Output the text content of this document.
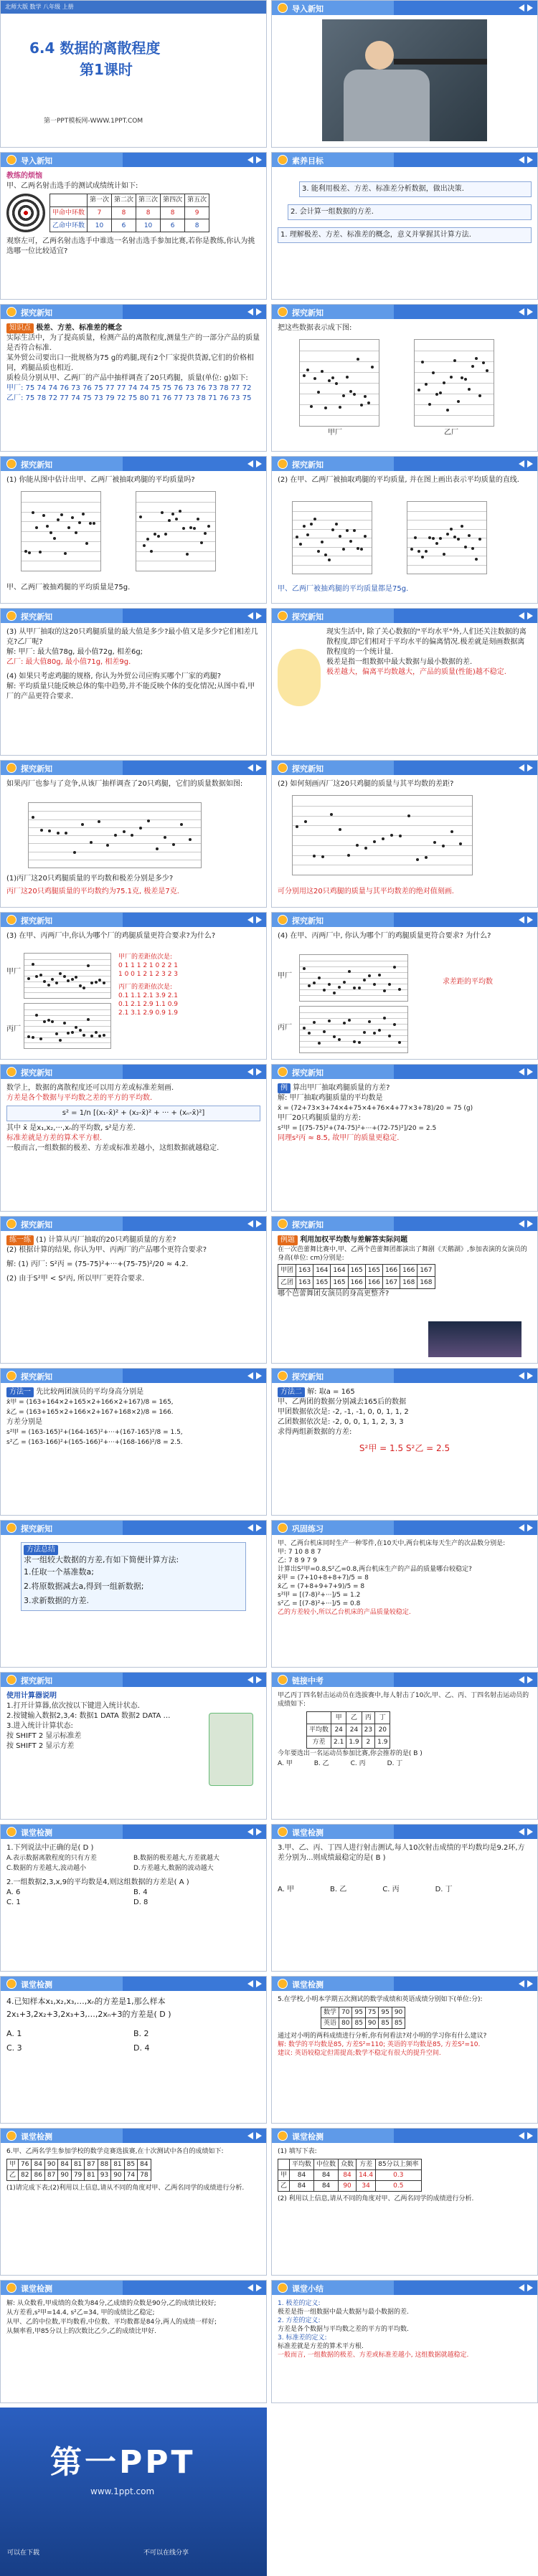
北师大版 数学 八年级 上册
6.4 数据的离散程度
第1课时
第一PPT模板网-WWW.1PPT.COM
导入新知
导入新知
教练的烦恼
甲、乙两名射击选手的测试成绩统计如下:
	第一次	第二次	第三次	第四次	第五次
甲命中环数	7	8	8	8	9
乙命中环数	10	6	10	6	8
观察左可，乙两名射击选手中谁选一名射击选手参加比赛,若你是教练,你认为挑选哪一位比较适宜?
素养目标
3. 能利用极差、方差、标准差分析数据，做出决策.
2. 会计算一组数据的方差.
1. 理解极差、方差、标准差的概念，意义并掌握其计算方法.
探究新知
知识点 极差、方差、标准差的概念
实际生活中，为了提高质量，检测产品的离散程度,测量生产的一部分产品的质量是否符合标准.
某外贸公司要出口一批规格为75 g的鸡腿,现有2个厂家提供货源,它们的价格相同，鸡腿品质也相近.
质检员分别从甲、乙两厂的产品中抽样调查了20只鸡腿，质量(单位: g)如下:
甲厂: 75 74 74 76 73 76 75 77 77 74 74 75 75 76 73 76 73 78 77 72
乙厂: 75 78 72 77 74 75 73 79 72 75 80 71 76 77 73 78 71 76 73 75
探究新知
把这些数据表示成下图:
甲厂	乙厂
探究新知
(1) 你能从图中估计出甲、乙两厂被抽取鸡腿的平均质量吗?
甲、乙两厂被抽鸡腿的平均质量是75g.
探究新知
(2) 在甲、乙两厂被抽取鸡腿的平均质量, 并在图上画出表示平均质量的直线.
甲、乙两厂被抽鸡腿的平均质量都是75g.
探究新知
(3) 从甲厂抽取的这20只鸡腿质量的最大值是多少?最小值又是多少?它们相差几克?乙厂呢?
解: 甲厂: 最大值78g, 最小值72g, 相差6g;
乙厂: 最大值80g, 最小值71g, 相差9g.
(4) 如果只考虑鸡腿的规格, 你认为外贸公司应购买哪个厂家的鸡腿?
解: 平均质量只能反映总体的集中趋势,并不能反映个体的变化情况;从图中看,甲厂的产品更符合要求.
探究新知
现实生活中, 除了关心数据的"平均水平"外,人们还关注数据的离散程度,即它们相对于平均水平的偏离情况.极差就是刻画数据离散程度的一个统计量.
极差是指一组数据中最大数据与最小数据的差.
极差越大，偏离平均数越大，产品的质量(性能)越不稳定.
探究新知
如果丙厂也参与了竞争,从该厂抽样调查了20只鸡腿，它们的质量数据如图:
(1)丙厂这20只鸡腿质量的平均数和极差分别是多少?
丙厂这20只鸡腿质量的平均数约为75.1克, 极差是7克.
探究新知
(2) 如何刻画丙厂这20只鸡腿的质量与其平均数的差距?
可分别用这20只鸡腿的质量与其平均数差的绝对值刻画.
探究新知
(3) 在甲、丙两厂中,你认为哪个厂的鸡腿质量更符合要求?为什么?
甲厂
丙厂
甲厂的差距依次是:
0 1 1 1 2 1 0 2 2 1
1 0 0 1 2 1 2 3 2 3
丙厂的差距依次是:
0.1 1.1 2.1 3.9 2.1
0.1 2.1 2.9 1.1 0.9
2.1 3.1 2.9 0.9 1.9
探究新知
(4) 在甲、丙两厂中, 你认为哪个厂的鸡腿质量更符合要求? 为什么?
甲厂
丙厂
求差距的平均数
探究新知
数学上，数据的离散程度还可以用方差或标准差刻画.
方差是各个数据与平均数之差的平方的平均数.
s² = 1/n [(x₁-x̄)² + (x₂-x̄)² + ··· + (xₙ-x̄)²]
其中 x̄ 是x₁,x₂,···,xₙ的平均数, s²是方差.
标准差就是方差的算术平方根.
一般而言,一组数据的极差、方差或标准差越小，这组数据就越稳定.
探究新知
例 算出甲厂抽取鸡腿质量的方差?
解: 甲厂抽取鸡腿质量的平均数是
x̄ = (72+73×3+74×4+75×4+76×4+77×3+78)/20 = 75 (g)
甲厂20只鸡腿质量的方差:
s²甲 = [(75-75)²+(74-75)²+···+(72-75)²]/20 = 2.5
同理s²丙 ≈ 8.5, 故甲厂的质量更稳定.
探究新知
练一练 (1) 计算从丙厂抽取的20只鸡腿质量的方差?
(2) 根据计算的结果, 你认为甲、丙两厂的产品哪个更符合要求?
解: (1) 丙厂: S²丙 = (75-75)²+···+(75-75)²/20 ≈ 4.2.
(2) 由于S²甲 < S²丙, 所以甲厂更符合要求.
探究新知
例题 利用加权平均数与差解答实际问题
在一次芭蕾舞比赛中,甲、乙两个芭蕾舞团都演出了舞剧《天鹅湖》,参加表演的女演员的身高(单位: cm)分别是:
甲团	163	164	164	165	165	166	166	167
乙团	163	165	165	166	166	167	168	168
哪个芭蕾舞团女演员的身高更整齐?
探究新知
方法一 先比较两团演员的平均身高分别是
x̄甲 = (163+164×2+165×2+166×2+167)/8 = 165,
x̄乙 = (163+165×2+166×2+167+168×2)/8 = 166.
方差分别是
s²甲 = (163-165)²+(164-165)²+···+(167-165)²/8 = 1.5,
s²乙 = (163-166)²+(165-166)²+···+(168-166)²/8 = 2.5.
探究新知
方法二 解: 取a = 165
甲、乙两团的数据分别减去165后的数据
甲团数据依次是: -2, -1, -1, 0, 0, 1, 1, 2
乙团数据依次是: -2, 0, 0, 1, 1, 2, 3, 3
求得两组新数据的方差:
S²甲 = 1.5 S²乙 = 2.5
探究新知
方法总结
求一组较大数据的方差,有如下简便计算方法:
1.任取一个基准数a;
2.将原数据减去a,得到一组新数据;
3.求新数据的方差.
巩固练习
甲、乙两台机床同时生产一种零件,在10天中,两台机床每天生产的次品数分别是:
甲: 7 10 8 8 7
乙: 7 8 9 7 9
计算出S²甲=0.8,S²乙=0.8,两台机床生产的产品的质量哪台较稳定?
x̄甲 = (7+10+8+8+7)/5 = 8
x̄乙 = (7+8+9+7+9)/5 = 8
s²甲 = [(7-8)²+···]/5 = 1.2
s²乙 = [(7-8)²+···]/5 = 0.8
乙的方差较小,所以乙台机床的产品质量较稳定.
探究新知
使用计算器说明
1.打开计算器,依次按以下键进入统计状态.
2.按键输入数据2,3,4: 数据1 DATA 数据2 DATA …
3.进入统计计算状态:
按 SHIFT 2 显示标准差
按 SHIFT 2 显示方差
链接中考
甲乙丙丁四名射击运动员在选拔赛中,每人射击了10次,甲、乙、丙、丁四名射击运动员的成绩如下:
	甲	乙	丙	丁
平均数	24	24	23	20
方差	2.1	1.9	2	1.9
今年要选出一名运动员参加比赛,你会推荐的是( B )
A. 甲	B. 乙	C. 丙	D. 丁
课堂检测
1.下列说法中正确的是( D )
A.表示数据离散程度的只有方差	B.数据的极差越大,方差就越大
C.数据的方差越大,波动越小	D.方差越大,数据的波动越大
2.一组数据2,3,x,9的平均数是4,则这组数据的方差是( A )
A. 6	B. 4
C. 1	D. 8
课堂检测
3.甲、乙、丙、丁四人进行射击测试,每人10次射击成绩的平均数均是9.2环,方差分别为...则成绩最稳定的是( B )
A. 甲	B. 乙	C. 丙	D. 丁
课堂检测
4.已知样本x₁,x₂,x₃,…,xₙ的方差是1,那么样本2x₁+3,2x₂+3,2x₃+3,…,2xₙ+3的方差是( D )
A. 1	B. 2
C. 3	D. 4
课堂检测
5.在学校,小明本学期五次测试的数学成绩和英语成绩分别如下(单位:分):
数学	70	95	75	95	90
英语	80	85	90	85	85
通过对小明的两科成绩进行分析,你有何看法?对小明的学习你有什么建议?
解: 数学的平均数是85, 方差S²=110; 英语的平均数是85, 方差S²=10.
建议: 英语较稳定但需提高;数学不稳定有很大的提升空间.
课堂检测
6.甲、乙两名学生参加学校的数学竞赛选拔赛,在十次测试中各自的成绩如下:
甲	76	84	90	84	81	87	88	81	85	84
乙	82	86	87	90	79	81	93	90	74	78
(1)请完成下表;(2)利用以上信息,请从不同的角度对甲、乙两名同学的成绩进行分析.
课堂检测
(1) 填写下表:
	平均数	中位数	众数	方差	85分以上频率
甲	84	84	84	14.4	0.3
乙	84	84	90	34	0.5
(2) 利用以上信息,请从不同的角度对甲、乙两名同学的成绩进行分析.
课堂检测
解: 从众数看,甲成绩的众数为84分,乙成绩的众数是90分,乙的成绩比较好;
从方差看,s²甲=14.4, s²乙=34, 甲的成绩比乙稳定;
从甲、乙的中位数,平均数看,中位数、平均数都是84分,两人的成绩一样好;
从频率看,甲85分以上的次数比乙少,乙的成绩比甲好.
课堂小结
1. 极差的定义:
极差是指一组数据中最大数据与最小数据的差.
2. 方差的定义:
方差是各个数据与平均数之差的平方的平均数.
3. 标准差的定义:
标准差就是方差的算术平方根.
一般而言, 一组数据的极差、方差或标准差越小, 这组数据就越稳定.
第一PPT
www.1ppt.com
可以在下载	不可以在线分享
